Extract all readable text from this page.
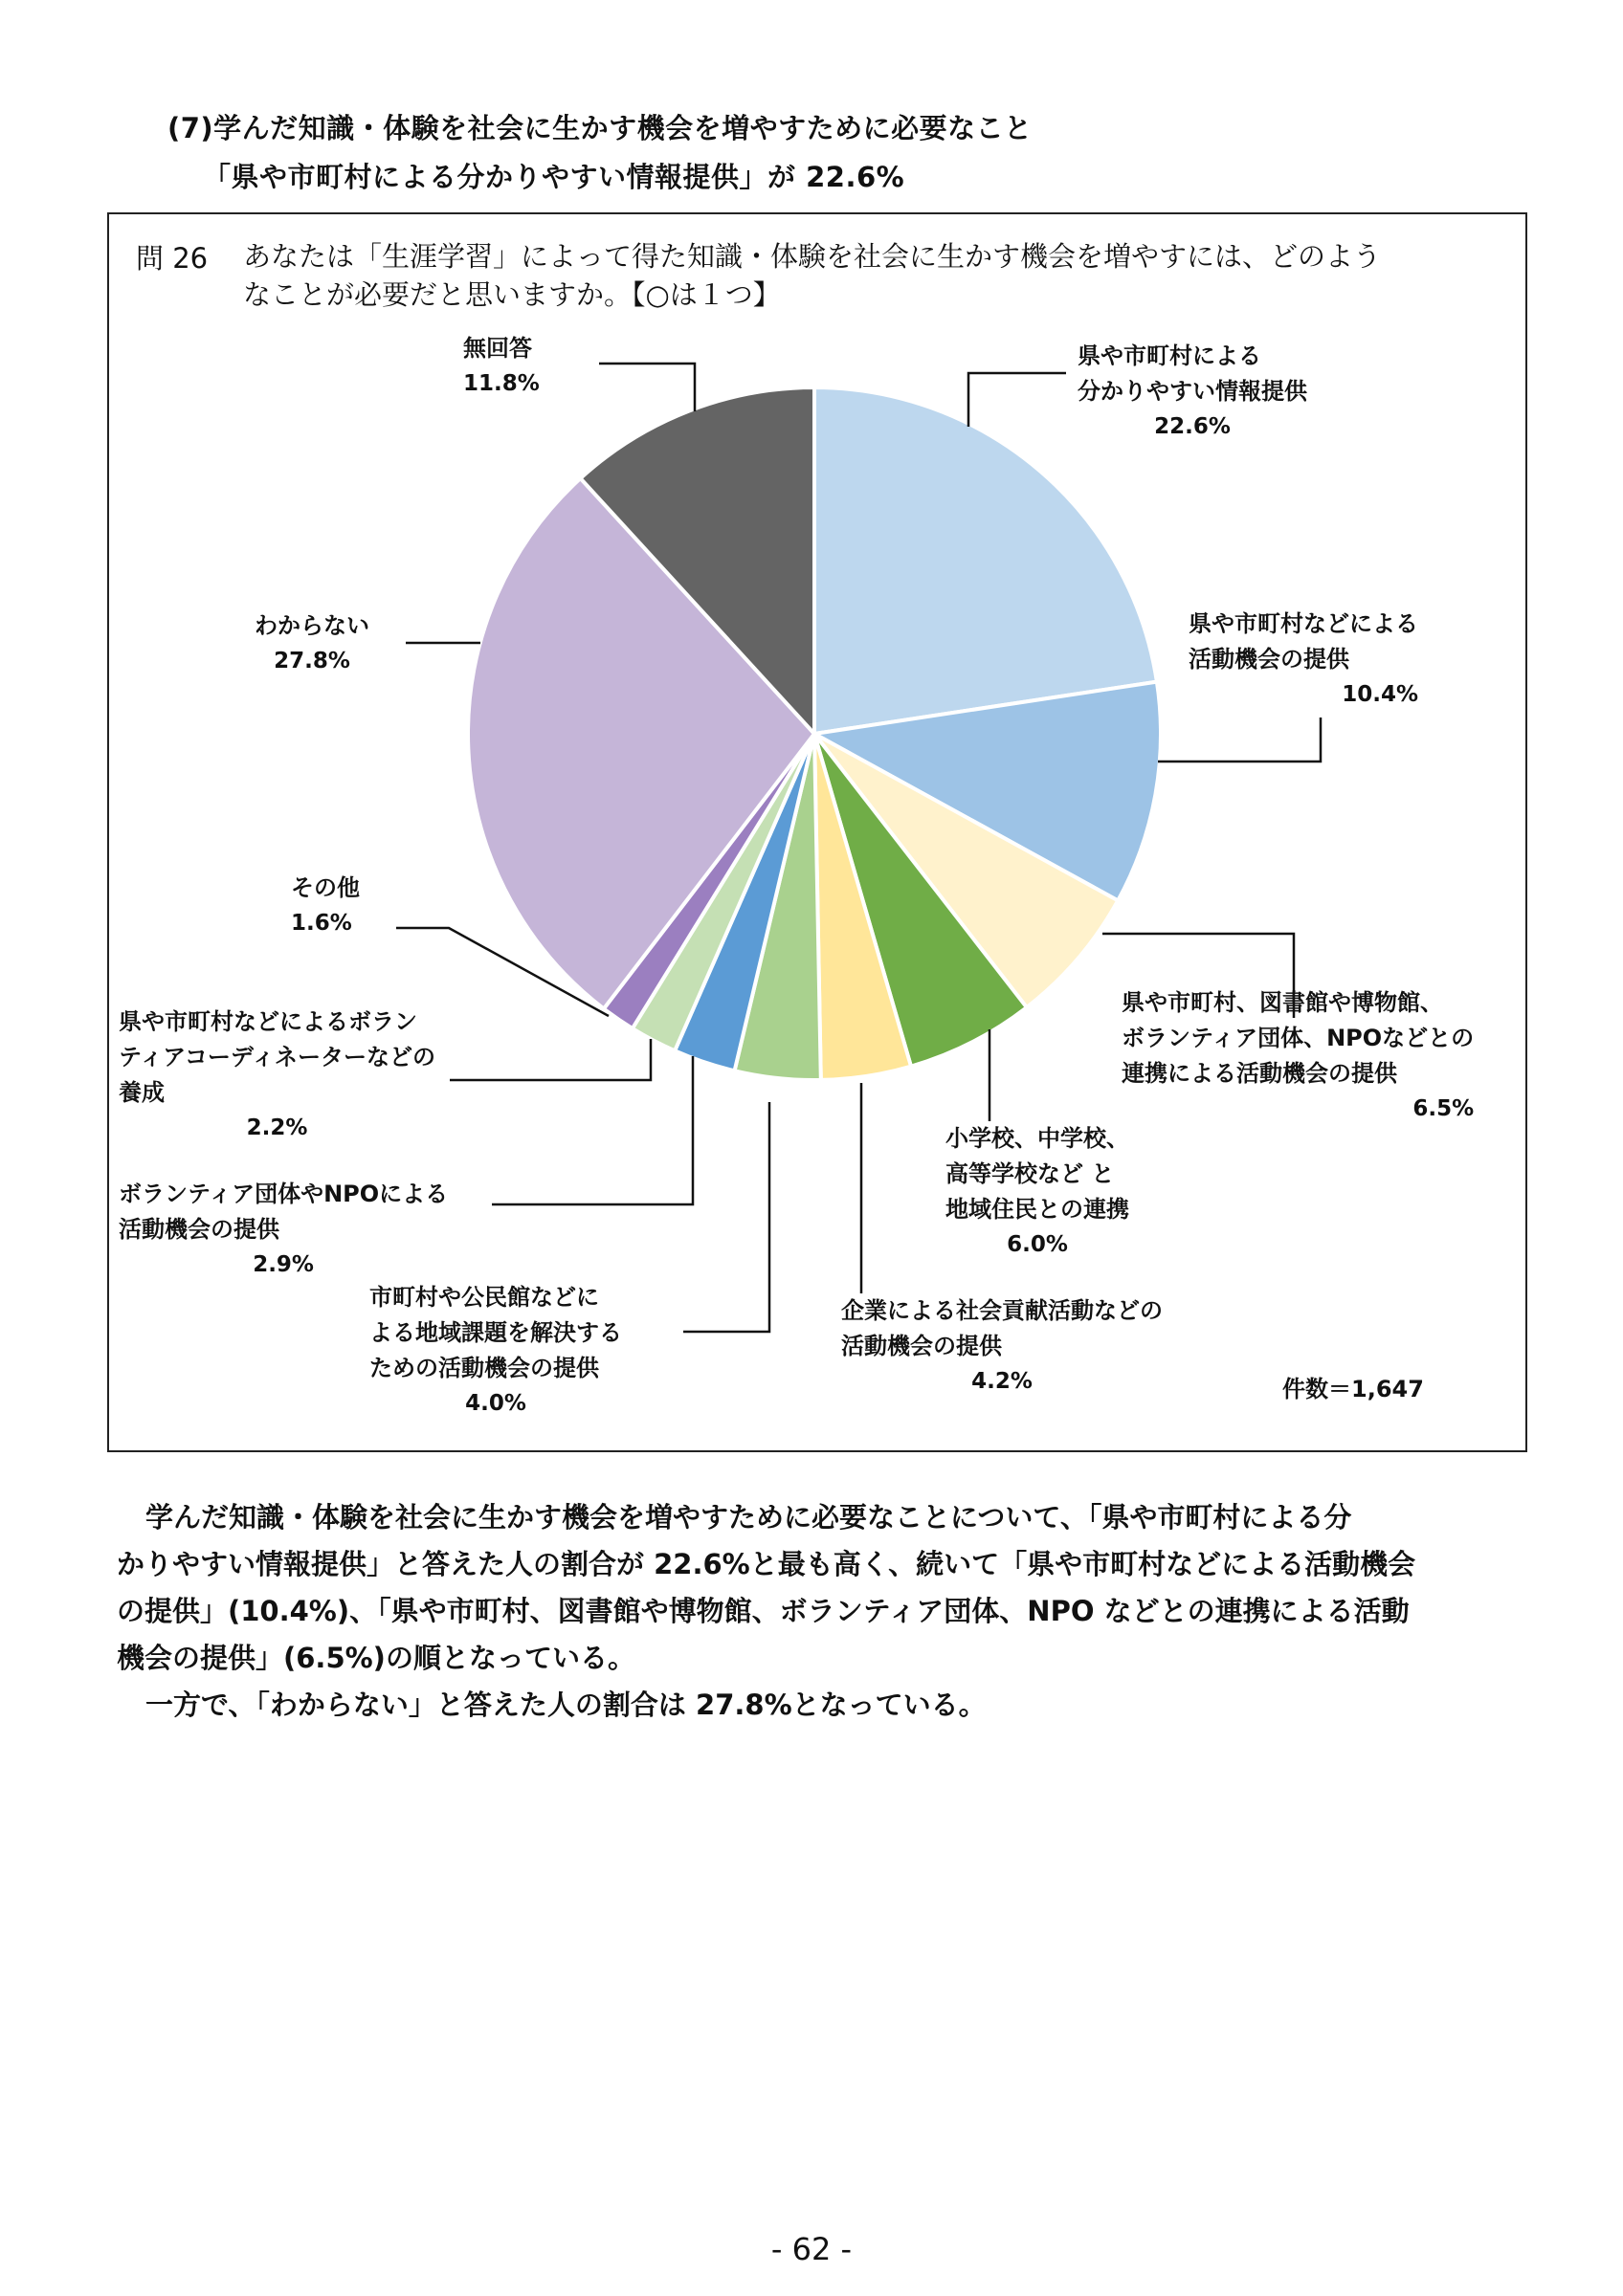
(7)学んだ知識・体験を社会に生かす機会を増やすために必要なこと
「県や市町村による分かりやすい情報提供」が 22.6%
問 26 あなたは「生涯学習」によって得た知識・体験を社会に生かす機会を増やすには、どのよう
なことが必要だと思いますか。【○は１つ】
県や市町村による
分かりやすい情報提供
22.6%
県や市町村などによる
活動機会の提供
10.4%
県や市町村、図書館や博物館、
ボランティア団体、NPOなどとの
連携による活動機会の提供
6.5%
小学校、中学校、
高等学校など と
地域住民との連携
6.0%
企業による社会貢献活動などの
活動機会の提供
4.2%
市町村や公民館などに
よる地域課題を解決する
ための活動機会の提供
4.0%
ボランティア団体やNPOによる
活動機会の提供
2.9%
県や市町村などによるボラン
ティアコーディネーターなどの
養成
2.2%
その他
1.6%
わからない
27.8%
無回答
11.8%
件数＝1,647
学んだ知識・体験を社会に生かす機会を増やすために必要なことについて、「県や市町村による分
かりやすい情報提供」と答えた人の割合が 22.6%と最も高く、続いて「県や市町村などによる活動機会
の提供」(10.4%)、「県や市町村、図書館や博物館、ボランティア団体、NPO などとの連携による活動
機会の提供」(6.5%)の順となっている。
一方で、「わからない」と答えた人の割合は 27.8%となっている。
- 62 -
